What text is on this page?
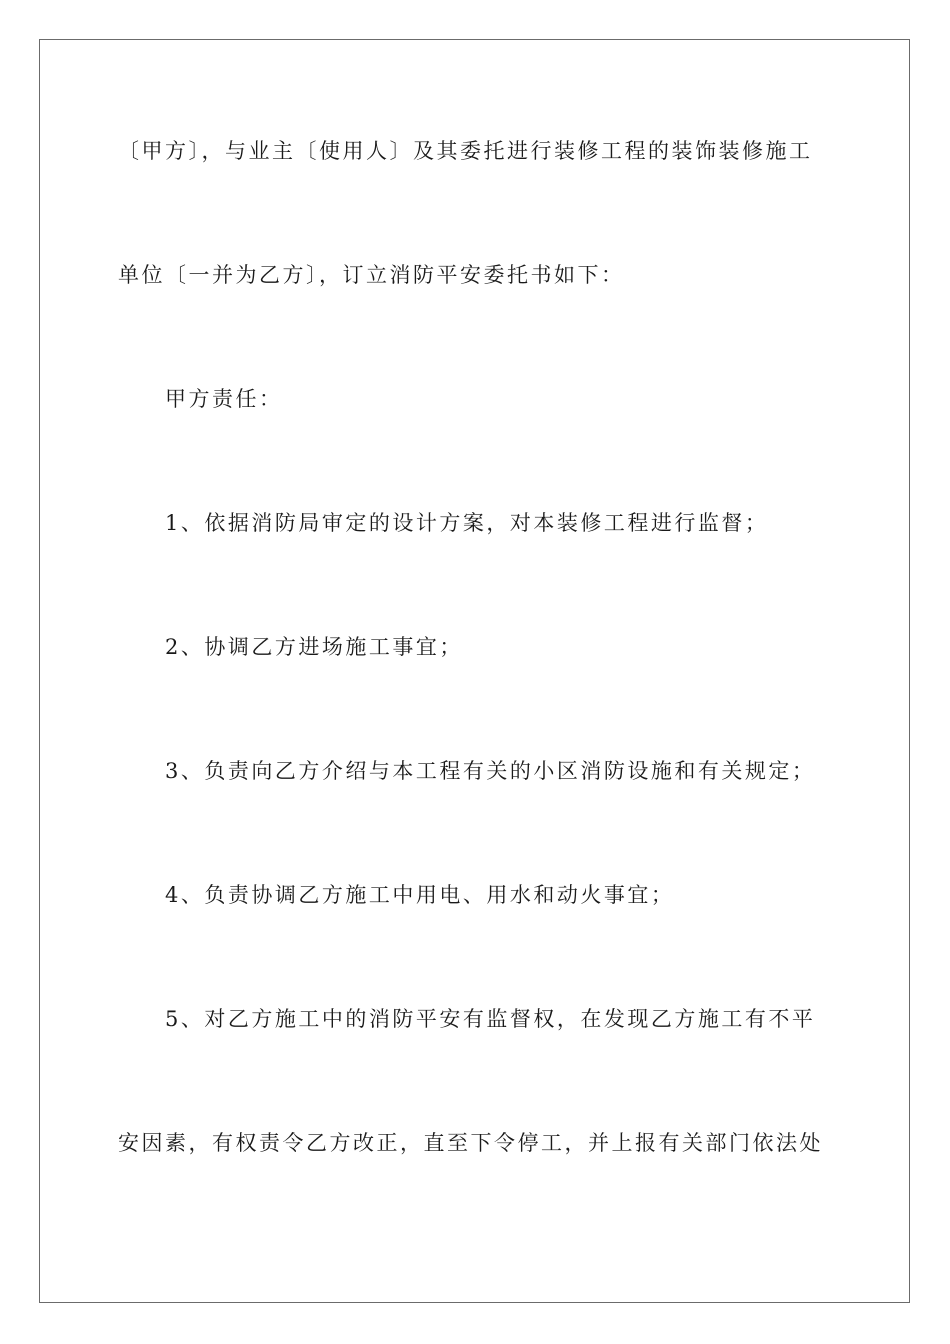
〔甲方〕，与业主〔使用人〕及其委托进行装修工程的装饰装修施工
单位〔一并为乙方〕，订立消防平安委托书如下：
甲方责任：
1、依据消防局审定的设计方案，对本装修工程进行监督；
2、协调乙方进场施工事宜；
3、负责向乙方介绍与本工程有关的小区消防设施和有关规定；
4、负责协调乙方施工中用电、用水和动火事宜；
5、对乙方施工中的消防平安有监督权，在发现乙方施工有不平
安因素，有权责令乙方改正，直至下令停工，并上报有关部门依法处
